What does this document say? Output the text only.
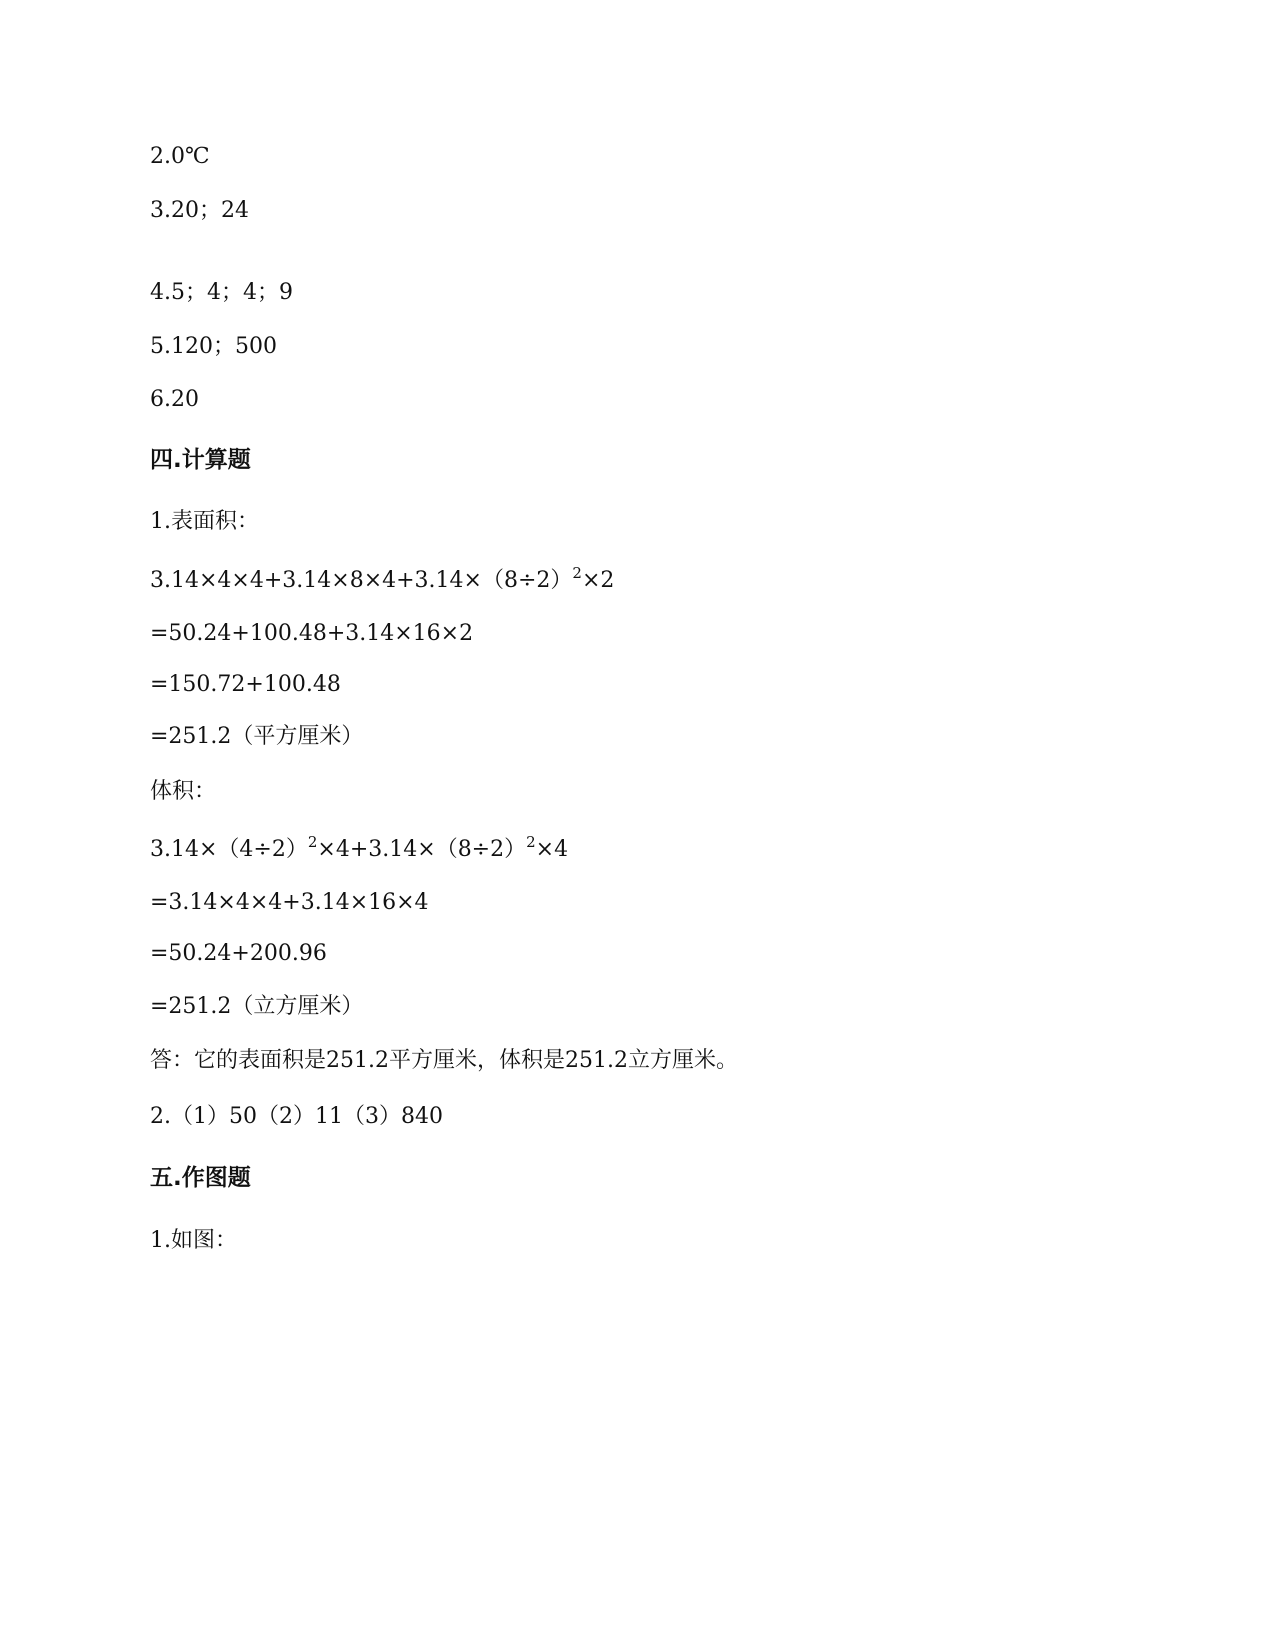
2.0℃
3.20；24
4.5；4；4；9
5.120；500
6.20
四.计算题
1.表面积：
$3.14\times 4\times 4+3.14\times 8\times 4+3.14\times(8\div 2)^2\times 2$
=50.24+100.48+3.14×16×2
=150.72+100.48
=251.2（平方厘米）
体积：
$3.14\times(4\div 2)^2\times 4+3.14\times(8\div 2)^2\times 4$
=3.14×4×4+3.14×16×4
=50.24+200.96
=251.2（立方厘米）
答：它的表面积是251.2平方厘米，体积是251.2立方厘米。
2.（1）50（2）11（3）840
五.作图题
1.如图：
